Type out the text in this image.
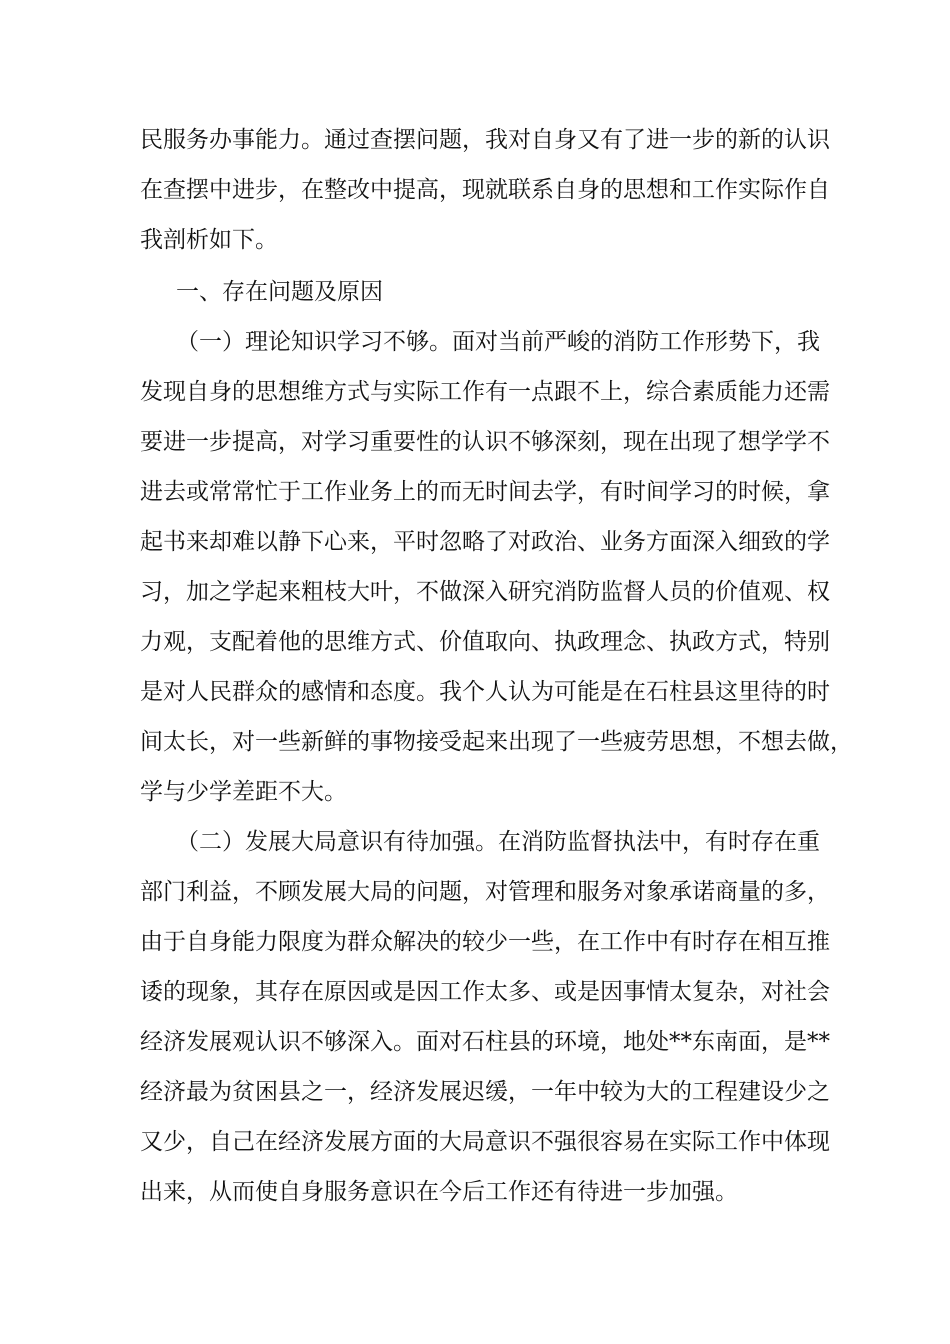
民服务办事能力。通过查摆问题，我对自身又有了进一步的新的认识
在查摆中进步，在整改中提高，现就联系自身的思想和工作实际作自
我剖析如下。
一、存在问题及原因
（一）理论知识学习不够。面对当前严峻的消防工作形势下，我
发现自身的思想维方式与实际工作有一点跟不上，综合素质能力还需
要进一步提高，对学习重要性的认识不够深刻，现在出现了想学学不
进去或常常忙于工作业务上的而无时间去学，有时间学习的时候，拿
起书来却难以静下心来，平时忽略了对政治、业务方面深入细致的学
习，加之学起来粗枝大叶，不做深入研究消防监督人员的价值观、权
力观，支配着他的思维方式、价值取向、执政理念、执政方式，特别
是对人民群众的感情和态度。我个人认为可能是在石柱县这里待的时
间太长，对一些新鲜的事物接受起来出现了一些疲劳思想，不想去做，
学与少学差距不大。
（二）发展大局意识有待加强。在消防监督执法中，有时存在重
部门利益，不顾发展大局的问题，对管理和服务对象承诺商量的多，
由于自身能力限度为群众解决的较少一些，在工作中有时存在相互推
诿的现象，其存在原因或是因工作太多、或是因事情太复杂，对社会
经济发展观认识不够深入。面对石柱县的环境，地处**东南面，是**
经济最为贫困县之一，经济发展迟缓，一年中较为大的工程建设少之
又少，自己在经济发展方面的大局意识不强很容易在实际工作中体现
出来，从而使自身服务意识在今后工作还有待进一步加强。
